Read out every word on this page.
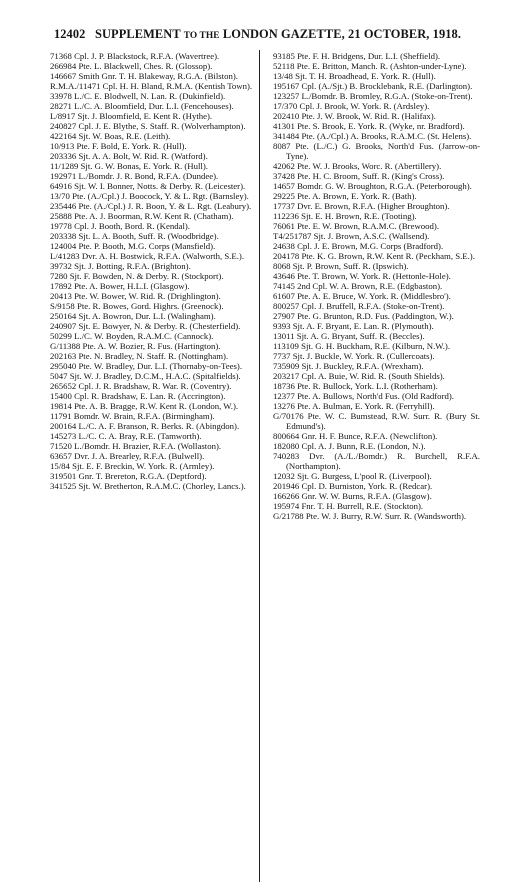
12402 SUPPLEMENT TO THE LONDON GAZETTE, 21 OCTOBER, 1918.

71368 Cpl. J. P. Blackstock, R.F.A. (Wavertree).

266984 Pte. L. Blackwell, Ches. R. (Glossop).

146667 Smith Gnr. T. H. Blakeway, R.G.A. (Bilston).

R.M.A./11471 Cpl. H. H. Bland, R.M.A. (Kentish Town).

33978 L./C. E. Blodwell, N. Lan. R. (Dukinfield).

28271 L./C. A. Bloomfield, Dur. L.I. (Fencehouses).

L/8917 Sjt. J. Bloomfield, E. Kent R. (Hythe).

240827 Cpl. J. E. Blythe, S. Staff. R. (Wolverhampton).

422164 Sjt. W. Boas, R.E. (Leith).

10/913 Pte. F. Bold, E. York. R. (Hull).

203336 Sjt. A. A. Bolt, W. Rid. R. (Watford).

11/1289 Sjt. G. W. Bonas, E. York. R. (Hull).

192971 L./Bomdr. J. R. Bond, R.F.A. (Dundee).

64916 Sjt. W. I. Bonner, Notts. & Derby. R. (Leicester).

13/70 Pte. (A./Cpl.) J. Boocock, Y. & L. Rgt. (Barnsley).

235446 Pte. (A./Cpl.) J. R. Boon, Y. & L. Rgt. (Leabury).

25888 Pte. A. J. Boorman, R.W. Kent R. (Chatham).

19778 Cpl. J. Booth, Bord. R. (Kendal).

203338 Sjt. L. A. Booth, Suff. R. (Woodbridge).

124004 Pte. P. Booth, M.G. Corps (Mansfield).

L/41283 Dvr. A. H. Bostwick, R.F.A. (Walworth, S.E.).

39732 Sjt. J. Botting, R.F.A. (Brighton).

7280 Sjt. F. Bowden, N. & Derby. R. (Stockport).

17892 Pte. A. Bower, H.L.I. (Glasgow).

20413 Pte. W. Bower, W. Rid. R. (Drighlington).

S/9158 Pte. R. Bowes, Gord. Highrs. (Greenock).

250164 Sjt. A. Bowron, Dur. L.I. (Walingham).

240907 Sjt. E. Bowyer, N. & Derby. R. (Chesterfield).

50299 L./C. W. Boyden, R.A.M.C. (Cannock).

G/11388 Pte. A. W. Bozier, R. Fus. (Hartington).

202163 Pte. N. Bradley, N. Staff. R. (Nottingham).

295040 Pte. W. Bradley, Dur. L.I. (Thornaby-on-Tees).

5047 Sjt. W. J. Bradley, D.C.M., H.A.C. (Spitalfields).

265652 Cpl. J. R. Bradshaw, R. War. R. (Coventry).

15400 Cpl. R. Bradshaw, E. Lan. R. (Accrington).

19814 Pte. A. B. Bragge, R.W. Kent R. (London, W.).

11791 Bomdr. W. Brain, R.F.A. (Birmingham).

200164 L./C. A. F. Branson, R. Berks. R. (Abingdon).

145273 L./C. C. A. Bray, R.E. (Tamworth).

71520 L./Bomdr. H. Brazier, R.F.A. (Wollaston).

63657 Dvr. J. A. Brearley, R.F.A. (Bulwell).

15/84 Sjt. E. F. Breckin, W. York. R. (Armley).

319501 Gnr. T. Brereton, R.G.A. (Deptford).

341525 Sjt. W. Bretherton, R.A.M.C. (Chorley, Lancs.).

93185 Pte. F. H. Bridgens, Dur. L.I. (Sheffield).

52118 Pte. E. Britton, Manch. R. (Ashton-under-Lyne).

13/48 Sjt. T. H. Broadhead, E. York. R. (Hull).

195167 Cpl. (A./Sjt.) B. Brocklebank, R.E. (Darlington).

123257 L./Bomdr. B. Bromley, R.G.A. (Stoke-on-Trent).

17/370 Cpl. J. Brook, W. York. R. (Ardsley).

202410 Pte. J. W. Brook, W. Rid. R. (Halifax).

41301 Pte. S. Brook, E. York. R. (Wyke, nr. Bradford).

341484 Pte. (A./Cpl.) A. Brooks, R.A.M.C. (St. Helens).

8087 Pte. (L./C.) G. Brooks, North'd Fus. (Jarrow-on-Tyne).

42062 Pte. W. J. Brooks, Worc. R. (Abertillery).

37428 Pte. H. C. Broom, Suff. R. (King's Cross).

14657 Bomdr. G. W. Broughton, R.G.A. (Peterborough).

29225 Pte. A. Brown, E. York. R. (Bath).

17737 Dvr. E. Brown, R.F.A. (Higher Broughton).

112236 Sjt. E. H. Brown, R.E. (Tooting).

76061 Pte. E. W. Brown, R.A.M.C. (Brewood).

T4/251787 Sjt. J. Brown, A.S.C. (Wallsend).

24638 Cpl. J. E. Brown, M.G. Corps (Bradford).

204178 Pte. K. G. Brown, R.W. Kent R. (Peckham, S.E.).

8068 Sjt. P. Brown, Suff. R. (Ipswich).

43646 Pte. T. Brown, W. York. R. (Hettonle-Hole).

74145 2nd Cpl. W. A. Brown, R.E. (Edgbaston).

61607 Pte. A. E. Bruce, W. York. R. (Middlesbro').

800257 Cpl. J. Bruffell, R.F.A. (Stoke-on-Trent).

27907 Pte. G. Brunton, R.D. Fus. (Paddington, W.).

9393 Sjt. A. F. Bryant, E. Lan. R. (Plymouth).

13011 Sjt. A. G. Bryant, Suff. R. (Beccles).

113109 Sjt. G. H. Buckham, R.E. (Kilburn, N.W.).

7737 Sjt. J. Buckle, W. York. R. (Cullercoats).

735909 Sjt. J. Buckley, R.F.A. (Wrexham).

203217 Cpl. A. Buie, W. Rid. R. (South Shields).

18736 Pte. R. Bullock, York. L.I. (Rotherham).

12377 Pte. A. Bullows, North'd Fus. (Old Radford).

13276 Pte. A. Bulman, E. York. R. (Ferryhill).

G/70176 Pte. W. C. Bumstead, R.W. Surr. R. (Bury St. Edmund's).

800664 Gnr. H. F. Bunce, R.F.A. (Newclifton).

182080 Cpl. A. J. Bunn, R.E. (London, N.).

740283 Dvr. (A./L./Bomdr.) R. Burchell, R.F.A. (Northampton).

12032 Sjt. G. Burgess, L'pool R. (Liverpool).

201946 Cpl. D. Burniston, York. R. (Redcar).

166266 Gnr. W. W. Burns, R.F.A. (Glasgow).

195974 Fnr. T. H. Burrell, R.E. (Stockton).

G/21788 Pte. W. J. Burry, R.W. Surr. R. (Wandsworth).
